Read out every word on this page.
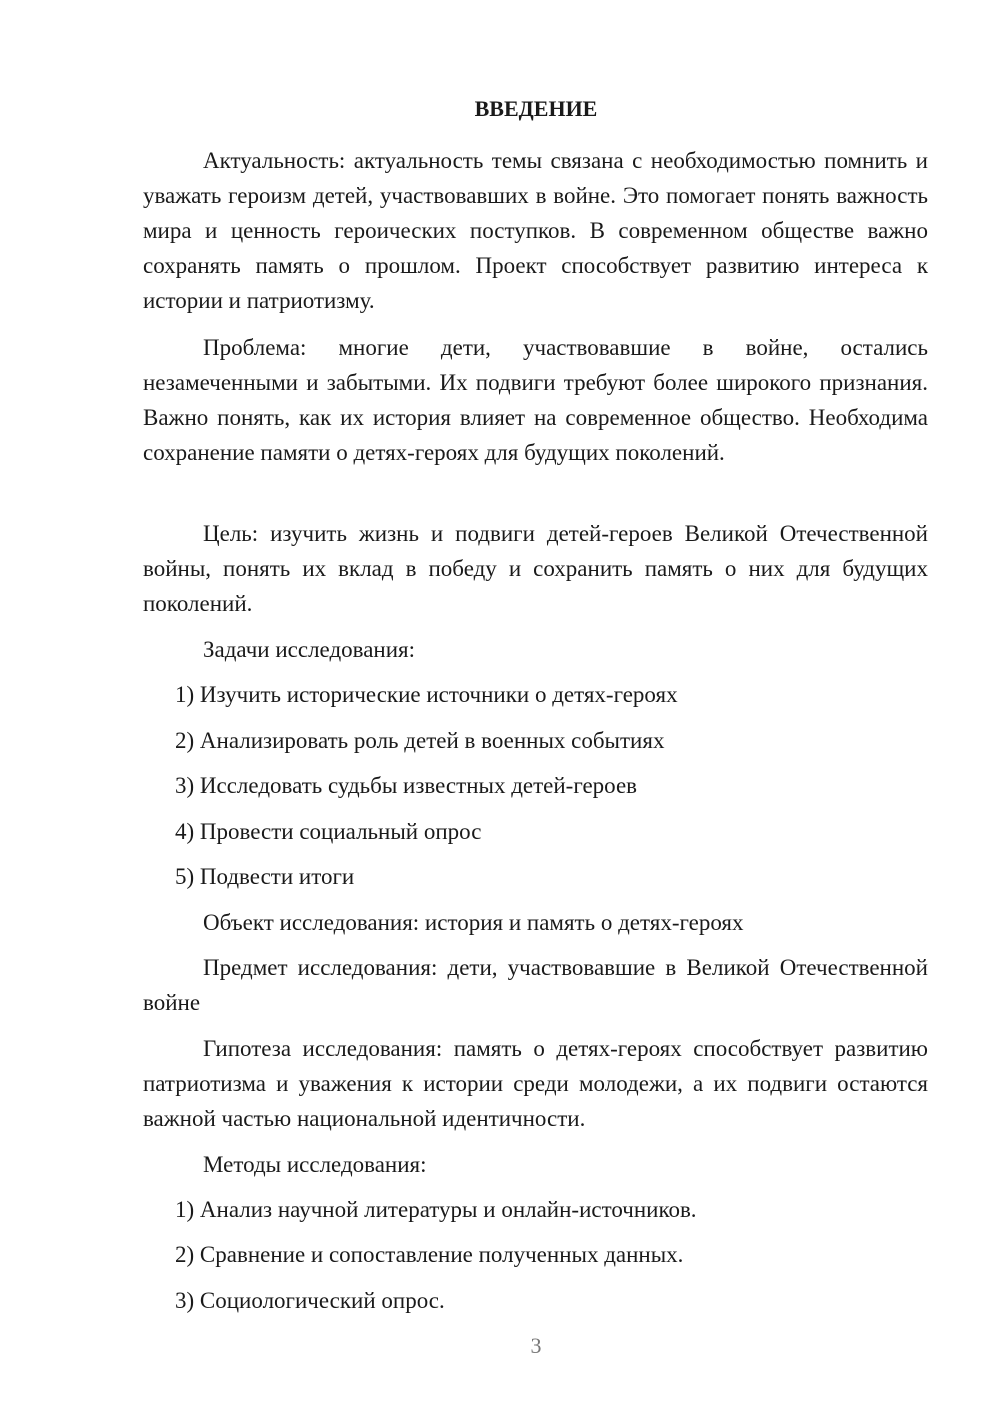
ВВЕДЕНИЕ
Актуальность: актуальность темы связана с необходимостью помнить и уважать героизм детей, участвовавших в войне. Это помогает понять важность мира и ценность героических поступков. В современном обществе важно сохранять память о прошлом. Проект способствует развитию интереса к истории и патриотизму.
Проблема: многие дети, участвовавшие в войне, остались незамеченными и забытыми. Их подвиги требуют более широкого признания. Важно понять, как их история влияет на современное общество. Необходима сохранение памяти о детях-героях для будущих поколений.
Цель: изучить жизнь и подвиги детей-героев Великой Отечественной войны, понять их вклад в победу и сохранить память о них для будущих поколений.
Задачи исследования:
1) Изучить исторические источники о детях-героях
2) Анализировать роль детей в военных событиях
3) Исследовать судьбы известных детей-героев
4) Провести социальный опрос
5) Подвести итоги
Объект исследования: история и память о детях-героях
Предмет исследования: дети, участвовавшие в Великой Отечественной войне
Гипотеза исследования: память о детях-героях способствует развитию патриотизма и уважения к истории среди молодежи, а их подвиги остаются важной частью национальной идентичности.
Методы исследования:
1) Анализ научной литературы и онлайн-источников.
2) Сравнение и сопоставление полученных данных.
3) Социологический опрос.
3
